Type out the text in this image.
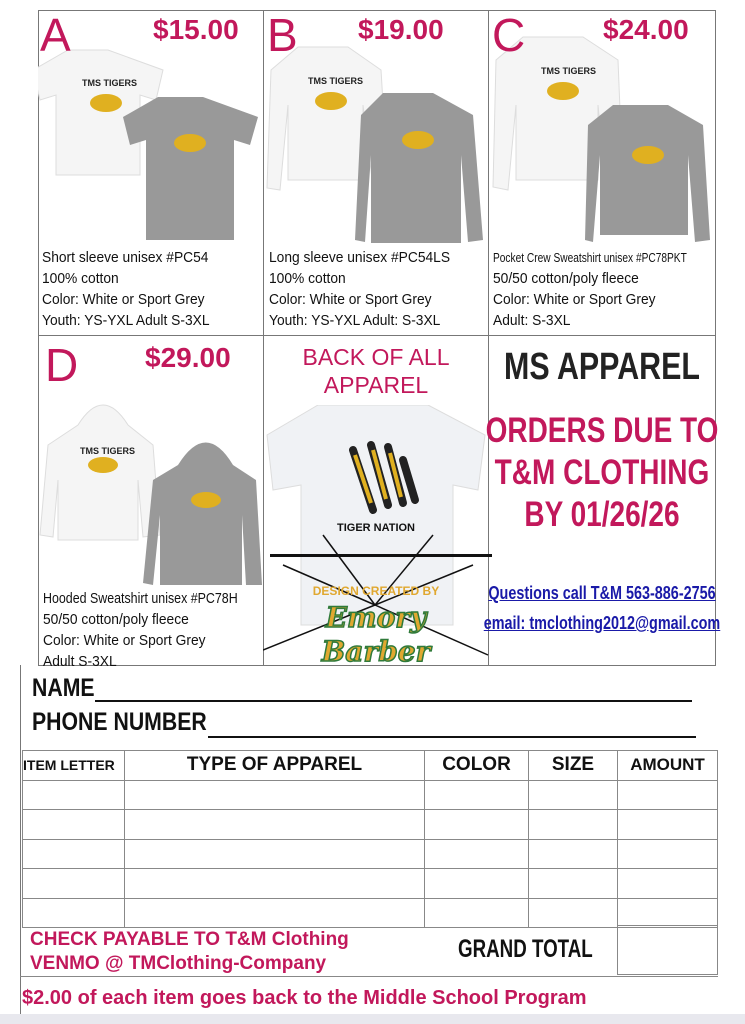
A	$15.00
TMS TIGERS
Short sleeve unisex #PC54
100% cotton
Color: White or Sport Grey
Youth: YS-YXL Adult S-3XL
B $19.00
TMS TIGERS
Long sleeve unisex #PC54LS
100% cotton
Color: White or Sport Grey
Youth: YS-YXL Adult: S-3XL
C	$24.00
TMS TIGERS
Pocket Crew Sweatshirt unisex #PC78PKT
50/50 cotton/poly fleece
Color: White or Sport Grey
Adult: S-3XL
D $29.00
TMS TIGERS
Hooded Sweatshirt unisex #PC78H
50/50 cotton/poly fleece
Color: White or Sport Grey
Adult S-3XL
BACK OF ALL APPAREL
TIGER NATION
DESIGN CREATED BY
Emory
Barber
MS APPAREL
ORDERS DUE TO
T&M CLOTHING
BY 01/26/26
Questions call T&M 563-886-2756
email: tmclothing2012@gmail.com
NAME
PHONE NUMBER
ITEM LETTER	TYPE OF APPAREL	COLOR	SIZE	AMOUNT

CHECK PAYABLE TO T&M Clothing
VENMO @ TMClothing-Company
GRAND TOTAL
$2.00 of each item goes back to the Middle School Program
